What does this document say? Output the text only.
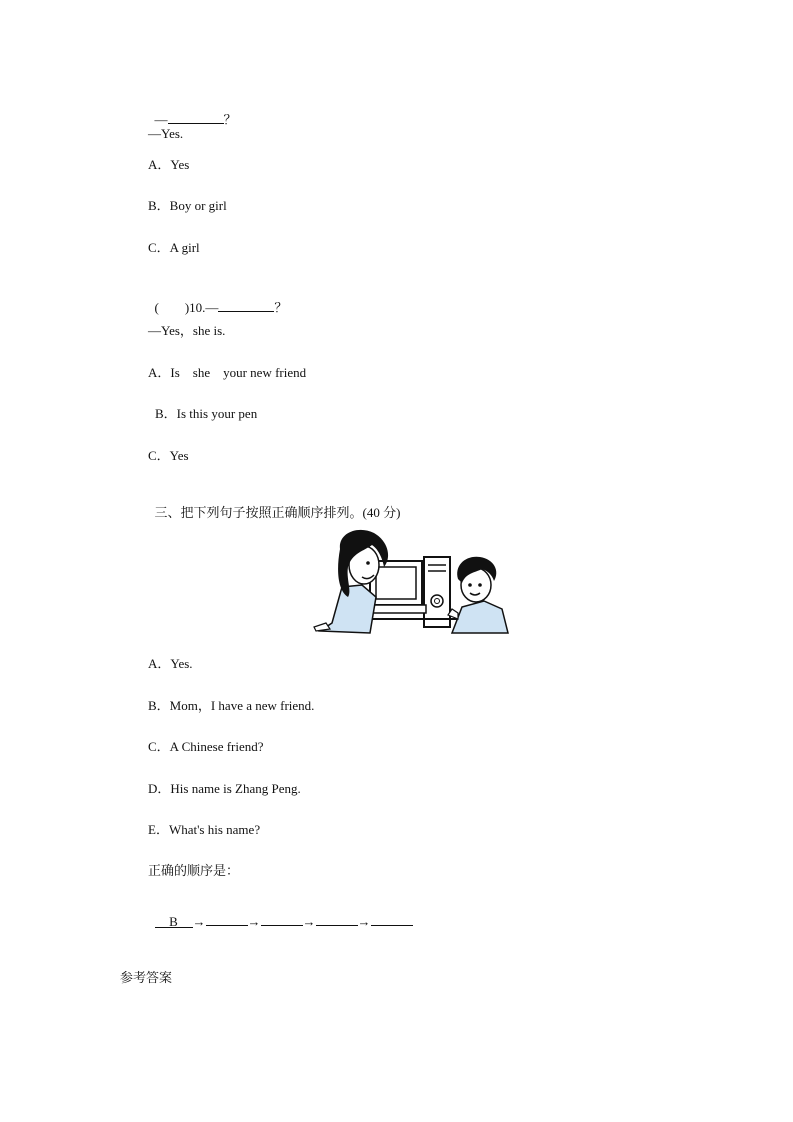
—	？

—Yes.
A．Yes
B．Boy or girl
C．A girl

(　　)10.—	？

—Yes，she is.
A．Is    she    your new friend
B．Is this your pen
C．Yes

三、把下列句子按照正确顺序排列。(40 分)

A．Yes.
B．Mom，I have a new friend.
C．A Chinese friend?
D．His name is Zhang Peng.
E．What's his name?
正确的顺序是：

B →	→	→	→

参考答案
